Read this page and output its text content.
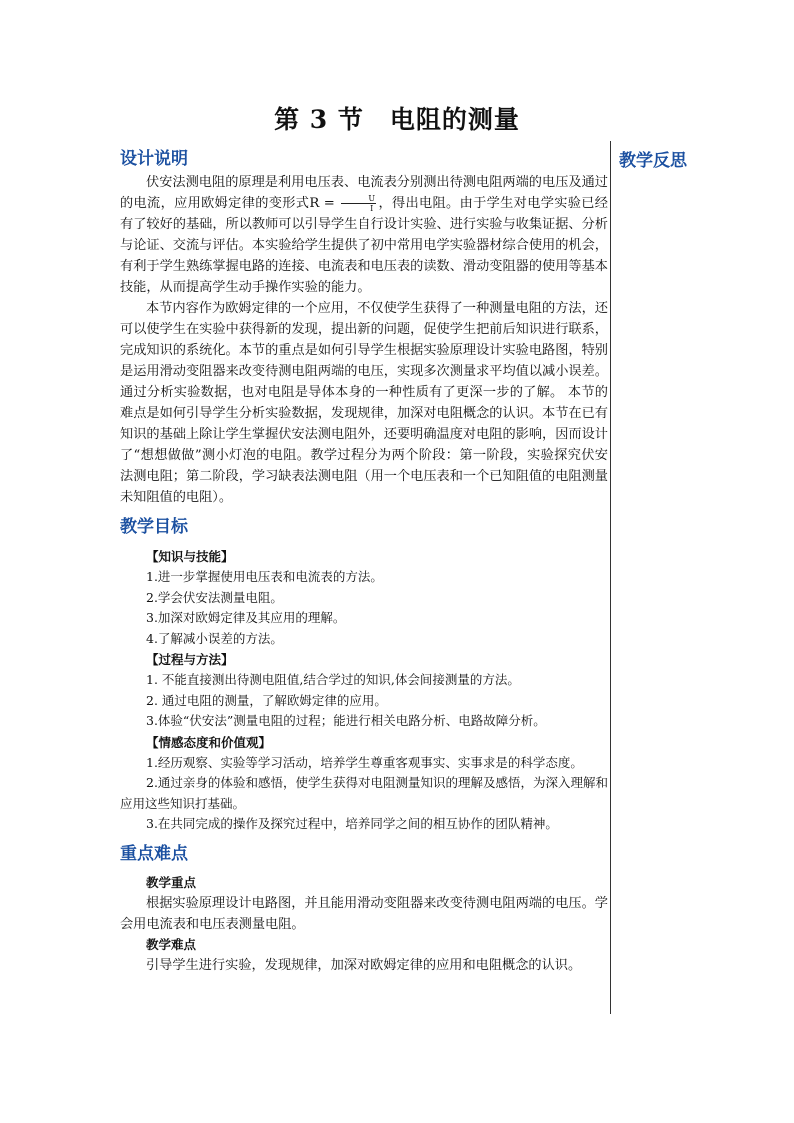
第 3 节　电阻的测量
教学反思
设计说明

伏安法测电阻的原理是利用电压表、电流表分别测出待测电阻两端的电压及通过的电流，应用欧姆定律的变形式$R = \frac{U}{I}$ ，得出电阻。由于学生对电学实验已经有了较好的基础，所以教师可以引导学生自行设计实验、进行实验与收集证据、分析与论证、交流与评估。本实验给学生提供了初中常用电学实验器材综合使用的机会，有利于学生熟练掌握电路的连接、电流表和电压表的读数、滑动变阻器的使用等基本技能，从而提高学生动手操作实验的能力。

本节内容作为欧姆定律的一个应用，不仅使学生获得了一种测量电阻的方法，还可以使学生在实验中获得新的发现，提出新的问题，促使学生把前后知识进行联系，完成知识的系统化。本节的重点是如何引导学生根据实验原理设计实验电路图，特别是运用滑动变阻器来改变待测电阻两端的电压，实现多次测量求平均值以减小误差。通过分析实验数据，也对电阻是导体本身的一种性质有了更深一步的了解。 本节的难点是如何引导学生分析实验数据，发现规律，加深对电阻概念的认识。本节在已有知识的基础上除让学生掌握伏安法测电阻外，还要明确温度对电阻的影响，因而设计了“想想做做”测小灯泡的电阻。教学过程分为两个阶段：第一阶段，实验探究伏安法测电阻；第二阶段，学习缺表法测电阻（用一个电压表和一个已知阻值的电阻测量未知阻值的电阻）。

教学目标

【知识与技能】

1.进一步掌握使用电压表和电流表的方法。

2.学会伏安法测量电阻。

3.加深对欧姆定律及其应用的理解。

4.了解减小误差的方法。

【过程与方法】

1. 不能直接测出待测电阻值,结合学过的知识,体会间接测量的方法。

2. 通过电阻的测量，了解欧姆定律的应用。

3.体验“伏安法”测量电阻的过程；能进行相关电路分析、电路故障分析。

【情感态度和价值观】

1.经历观察、实验等学习活动，培养学生尊重客观事实、实事求是的科学态度。

2.通过亲身的体验和感悟，使学生获得对电阻测量知识的理解及感悟，为深入理解和应用这些知识打基础。

3.在共同完成的操作及探究过程中，培养同学之间的相互协作的团队精神。

重点难点

教学重点

根据实验原理设计电路图，并且能用滑动变阻器来改变待测电阻两端的电压。学会用电流表和电压表测量电阻。

教学难点

引导学生进行实验，发现规律，加深对欧姆定律的应用和电阻概念的认识。
